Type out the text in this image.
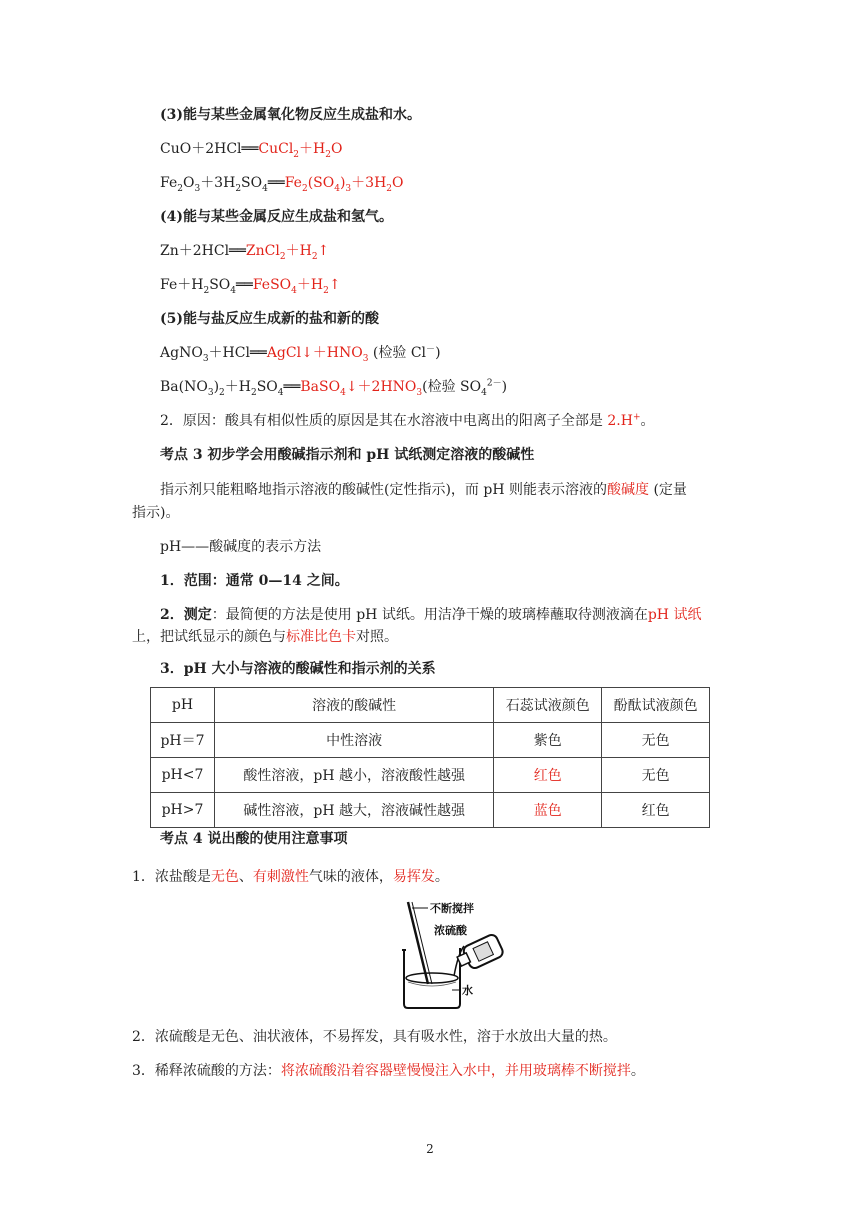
(3)能与某些金属氧化物反应生成盐和水。
$CuO+2HCl══CuCl_2+H_2O$
$Fe_2O_3+3H_2SO_4══Fe_2(SO_4)_3+3H_2O$
(4)能与某些金属反应生成盐和氢气。
$Zn+2HCl══ZnCl_2+H_2↑$
$Fe+H_2SO_4══FeSO_4+H_2↑$
(5)能与盐反应生成新的盐和新的酸
$AgNO_3+HCl══AgCl↓+HNO_3$ (检验 Cl－)
$Ba(NO_3)_2+H_2SO_4══BaSO_4↓+2HNO_3$(检验 $SO_4^{2-}$)
2．原因：酸具有相似性质的原因是其在水溶液中电离出的阳离子全部是 2.H+。
考点 3 初步学会用酸碱指示剂和 pH 试纸测定溶液的酸碱性
指示剂只能粗略地指示溶液的酸碱性(定性指示)，而 pH 则能表示溶液的酸碱度 (定量
指示)。
pH——酸碱度的表示方法
1．范围：通常 0—14 之间。
2．测定：最简便的方法是使用 pH 试纸。用洁净干燥的玻璃棒蘸取待测液滴在pH 试纸
上，把试纸显示的颜色与标准比色卡对照。
3．pH 大小与溶液的酸碱性和指示剂的关系
pH	溶液的酸碱性	石蕊试液颜色	酚酞试液颜色
pH＝7	中性溶液	紫色	无色
pH<7	酸性溶液，pH 越小，溶液酸性越强	红色	无色
pH>7	碱性溶液，pH 越大，溶液碱性越强	蓝色	红色
考点 4 说出酸的使用注意事项
1．浓盐酸是无色、有刺激性气味的液体，易挥发。
不断搅拌
浓硫酸
水
2．浓硫酸是无色、油状液体，不易挥发，具有吸水性，溶于水放出大量的热。
3．稀释浓硫酸的方法：将浓硫酸沿着容器壁慢慢注入水中，并用玻璃棒不断搅拌。
2
